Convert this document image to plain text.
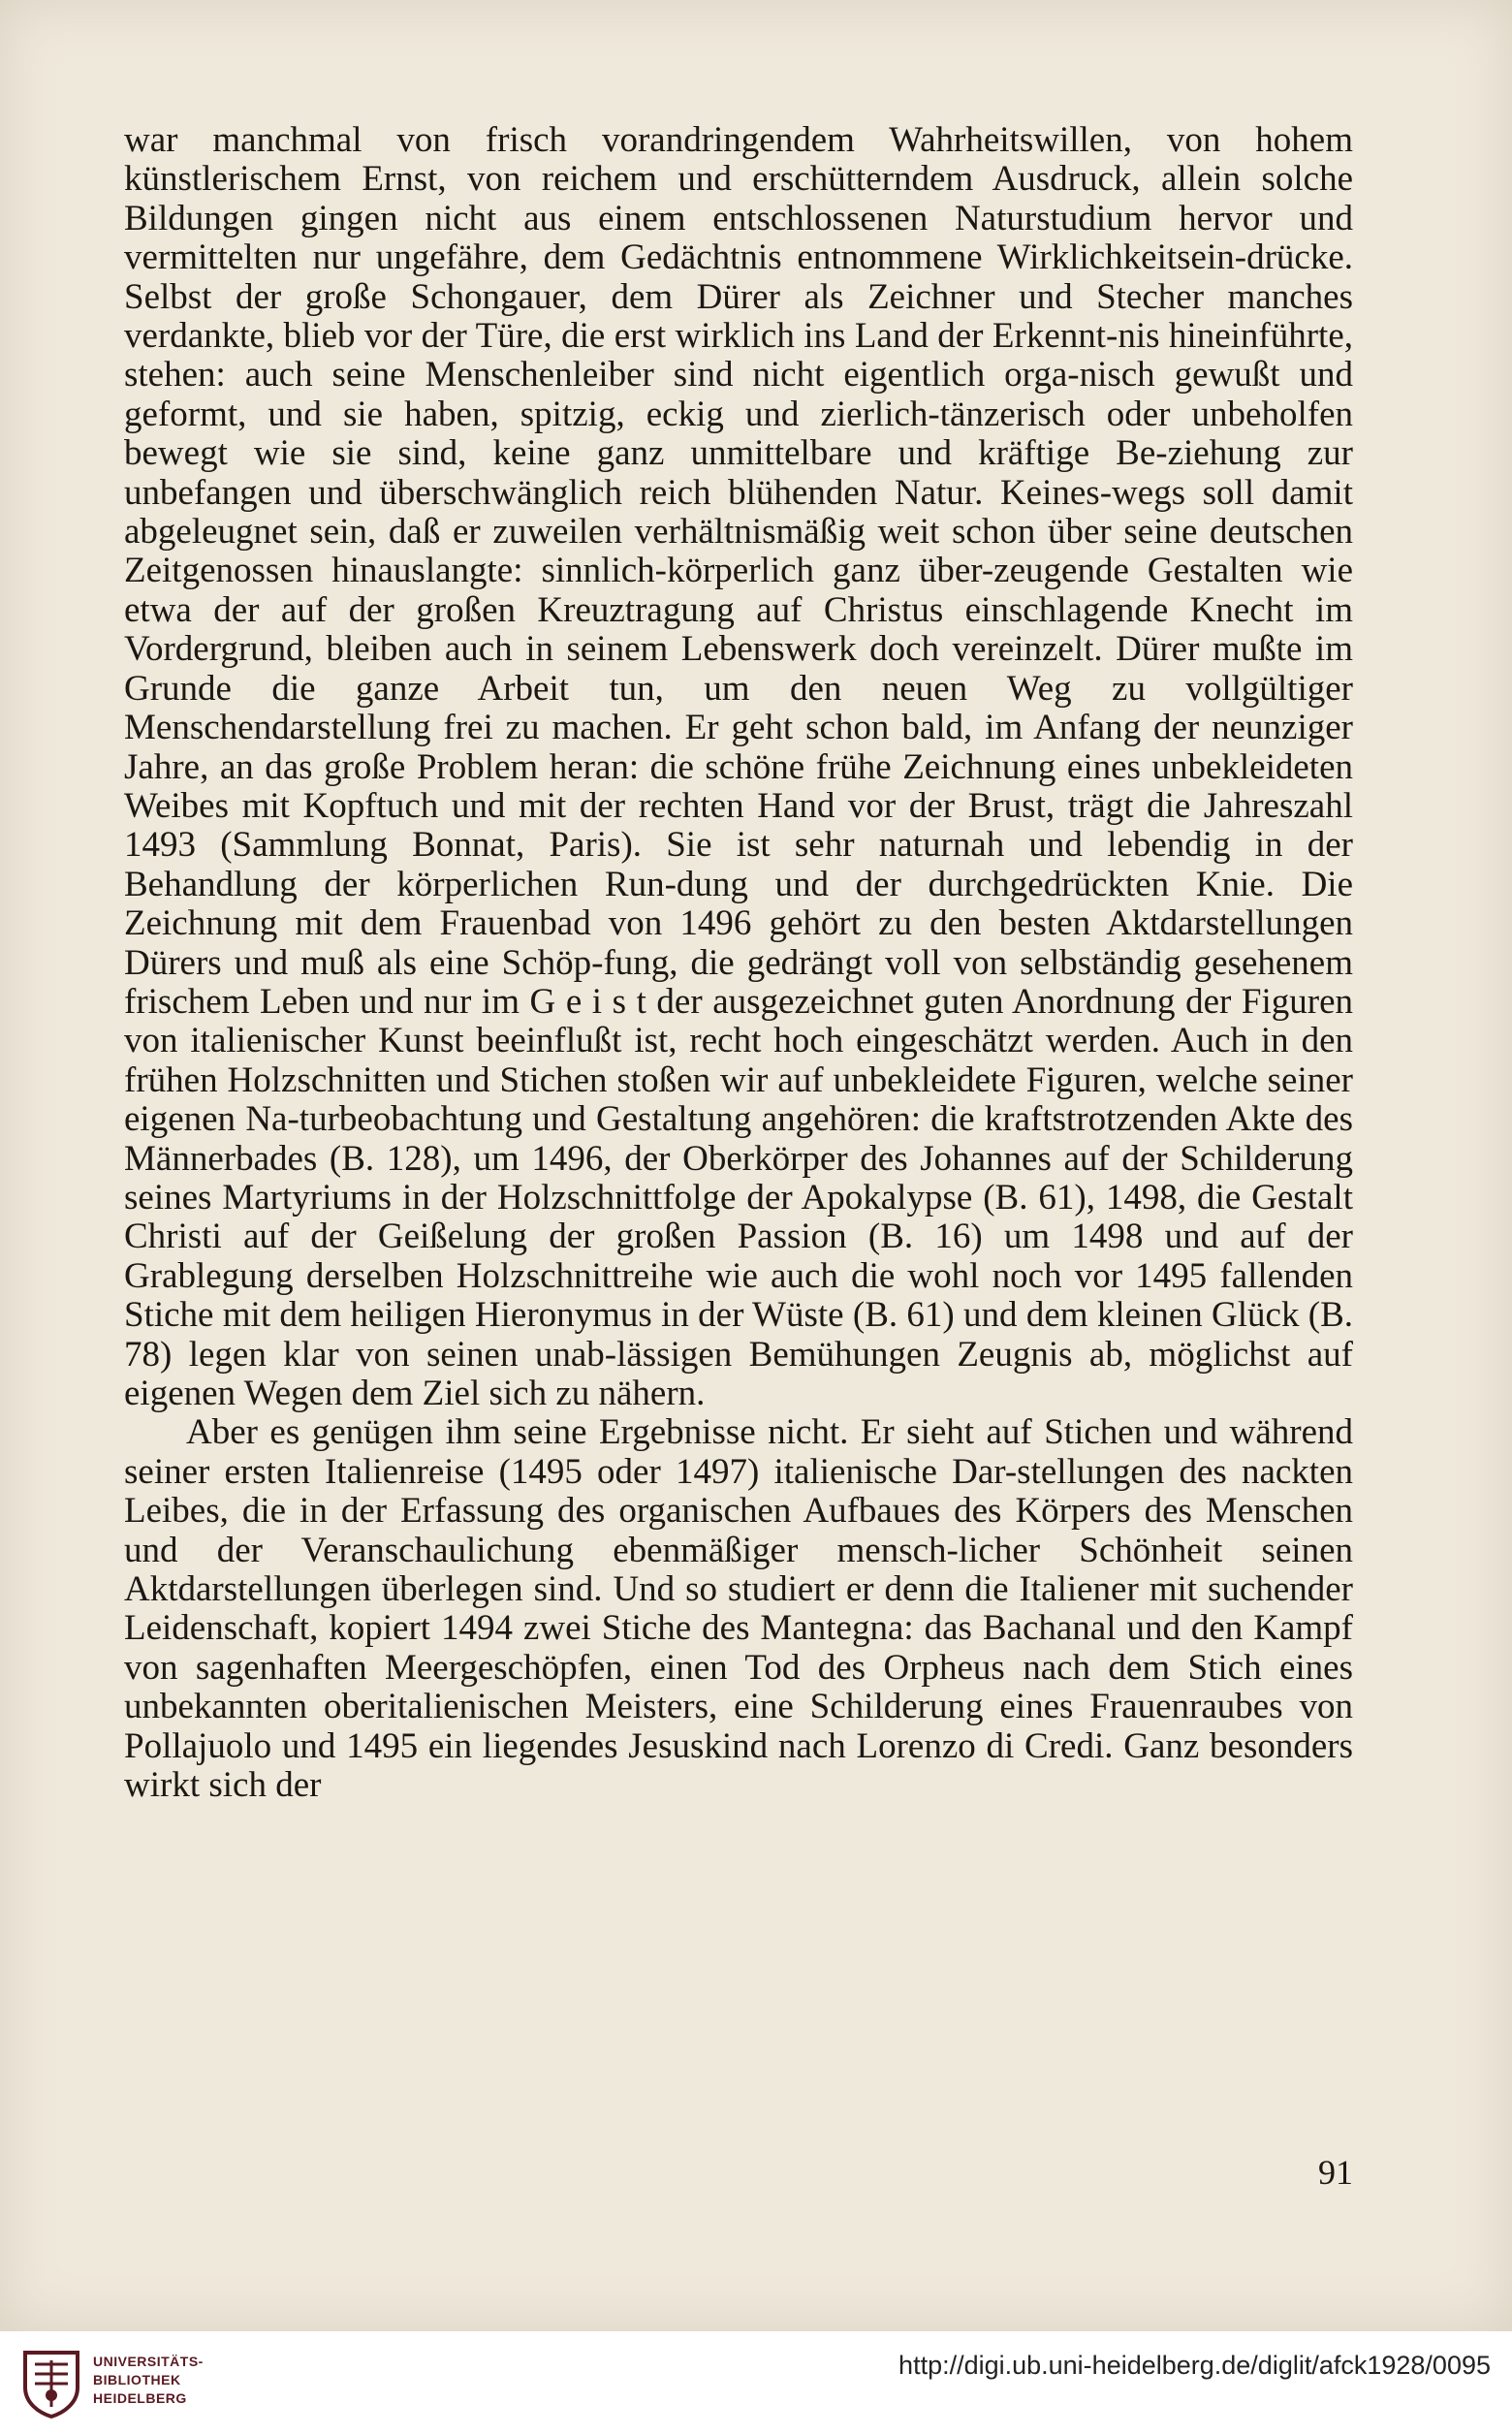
war manchmal von frisch vorandringendem Wahrheitswillen, von hohem künstlerischem Ernst, von reichem und erschütterndem Ausdruck, allein solche Bildungen gingen nicht aus einem entschlossenen Naturstudium hervor und vermittelten nur ungefähre, dem Gedächtnis entnommene Wirklichkeitsein-drücke. Selbst der große Schongauer, dem Dürer als Zeichner und Stecher manches verdankte, blieb vor der Türe, die erst wirklich ins Land der Erkennt-nis hineinführte, stehen: auch seine Menschenleiber sind nicht eigentlich orga-nisch gewußt und geformt, und sie haben, spitzig, eckig und zierlich-tänzerisch oder unbeholfen bewegt wie sie sind, keine ganz unmittelbare und kräftige Be-ziehung zur unbefangen und überschwänglich reich blühenden Natur. Keines-wegs soll damit abgeleugnet sein, daß er zuweilen verhältnismäßig weit schon über seine deutschen Zeitgenossen hinauslangte: sinnlich-körperlich ganz über-zeugende Gestalten wie etwa der auf der großen Kreuztragung auf Christus einschlagende Knecht im Vordergrund, bleiben auch in seinem Lebenswerk doch vereinzelt. Dürer mußte im Grunde die ganze Arbeit tun, um den neuen Weg zu vollgültiger Menschendarstellung frei zu machen. Er geht schon bald, im Anfang der neunziger Jahre, an das große Problem heran: die schöne frühe Zeichnung eines unbekleideten Weibes mit Kopftuch und mit der rechten Hand vor der Brust, trägt die Jahreszahl 1493 (Sammlung Bonnat, Paris). Sie ist sehr naturnah und lebendig in der Behandlung der körperlichen Run-dung und der durchgedrückten Knie. Die Zeichnung mit dem Frauenbad von 1496 gehört zu den besten Aktdarstellungen Dürers und muß als eine Schöp-fung, die gedrängt voll von selbständig gesehenem frischem Leben und nur im G e i s t der ausgezeichnet guten Anordnung der Figuren von italienischer Kunst beeinflußt ist, recht hoch eingeschätzt werden. Auch in den frühen Holzschnitten und Stichen stoßen wir auf unbekleidete Figuren, welche seiner eigenen Na-turbeobachtung und Gestaltung angehören: die kraftstrotzenden Akte des Männerbades (B. 128), um 1496, der Oberkörper des Johannes auf der Schilderung seines Martyriums in der Holzschnittfolge der Apokalypse (B. 61), 1498, die Gestalt Christi auf der Geißelung der großen Passion (B. 16) um 1498 und auf der Grablegung derselben Holzschnittreihe wie auch die wohl noch vor 1495 fallenden Stiche mit dem heiligen Hieronymus in der Wüste (B. 61) und dem kleinen Glück (B. 78) legen klar von seinen unab-lässigen Bemühungen Zeugnis ab, möglichst auf eigenen Wegen dem Ziel sich zu nähern.

Aber es genügen ihm seine Ergebnisse nicht. Er sieht auf Stichen und während seiner ersten Italienreise (1495 oder 1497) italienische Dar-stellungen des nackten Leibes, die in der Erfassung des organischen Aufbaues des Körpers des Menschen und der Veranschaulichung ebenmäßiger mensch-licher Schönheit seinen Aktdarstellungen überlegen sind. Und so studiert er denn die Italiener mit suchender Leidenschaft, kopiert 1494 zwei Stiche des Mantegna: das Bachanal und den Kampf von sagenhaften Meergeschöpfen, einen Tod des Orpheus nach dem Stich eines unbekannten oberitalienischen Meisters, eine Schilderung eines Frauenraubes von Pollajuolo und 1495 ein liegendes Jesuskind nach Lorenzo di Credi. Ganz besonders wirkt sich der

91
UNIVERSITÄTS-
BIBLIOTHEK
HEIDELBERG
http://digi.ub.uni-heidelberg.de/diglit/afck1928/0095
